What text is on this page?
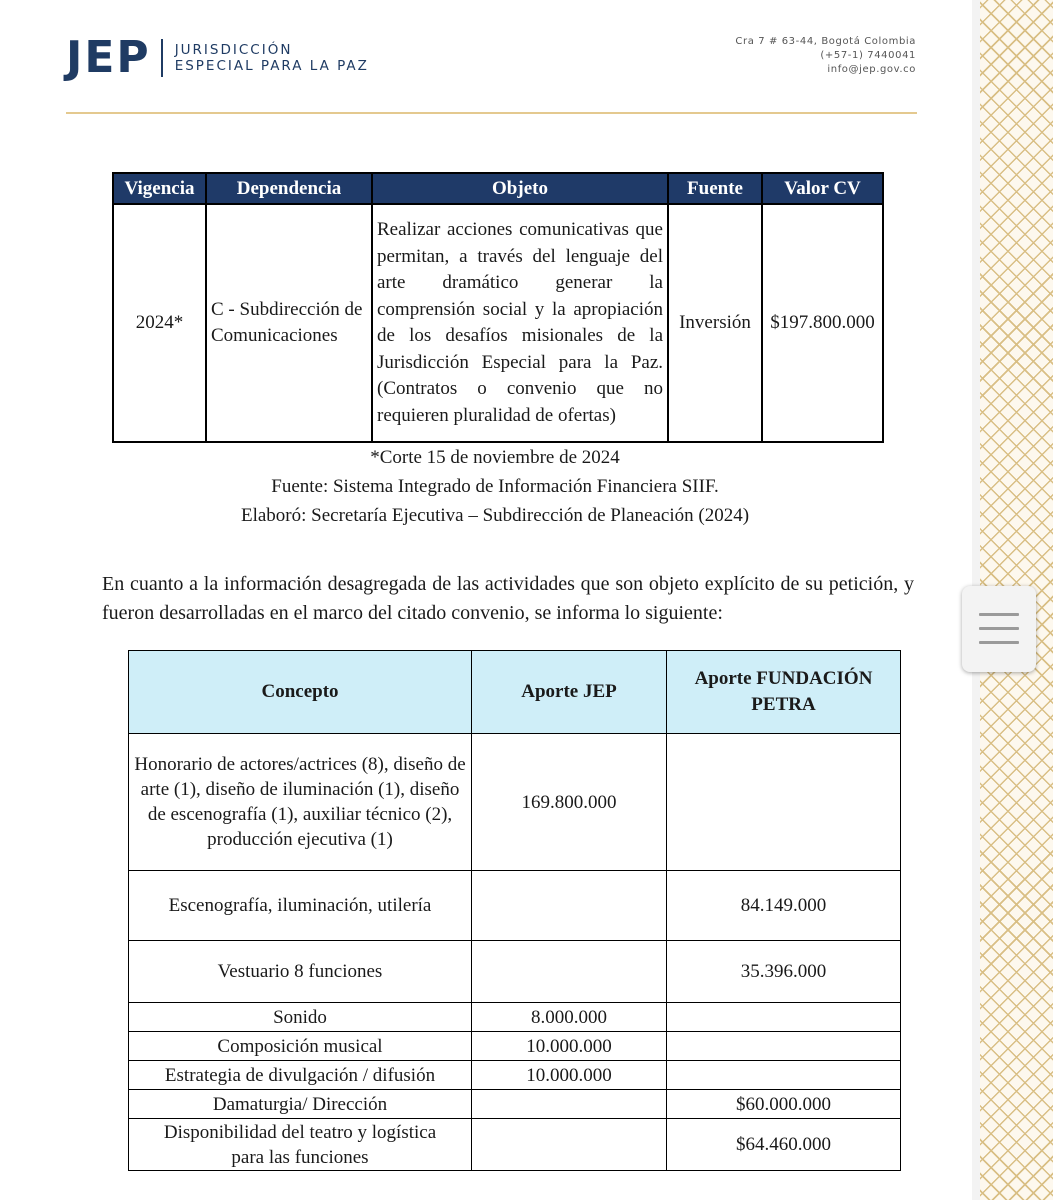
JEP JURISDICCIÓN
ESPECIAL PARA LA PAZ
Cra 7 # 63-44, Bogotá Colombia
(+57-1) 7440041
info@jep.gov.co
Vigencia	Dependencia	Objeto	Fuente	Valor CV
2024*	C - Subdirección de Comunicaciones	Realizar acciones comunicativas que permitan, a través del lenguaje del arte dramático generar la comprensión social y la apropiación de los desafíos misionales de la Jurisdicción Especial para la Paz. (Contratos o convenio que no requieren pluralidad de ofertas)	Inversión	$197.800.000
*Corte 15 de noviembre de 2024
Fuente: Sistema Integrado de Información Financiera SIIF.
Elaboró: Secretaría Ejecutiva – Subdirección de Planeación (2024)
En cuanto a la información desagregada de las actividades que son objeto explícito de su petición, y fueron desarrolladas en el marco del citado convenio, se informa lo siguiente:
Concepto	Aporte JEP	Aporte FUNDACIÓN PETRA
Honorario de actores/actrices (8), diseño de arte (1), diseño de iluminación (1), diseño de escenografía (1), auxiliar técnico (2), producción ejecutiva (1)	169.800.000	
Escenografía, iluminación, utilería		84.149.000
Vestuario 8 funciones		35.396.000
Sonido	8.000.000	
Composición musical	10.000.000	
Estrategia de divulgación / difusión	10.000.000	
Damaturgia/ Dirección		$60.000.000
Disponibilidad del teatro y logística para las funciones		$64.460.000
